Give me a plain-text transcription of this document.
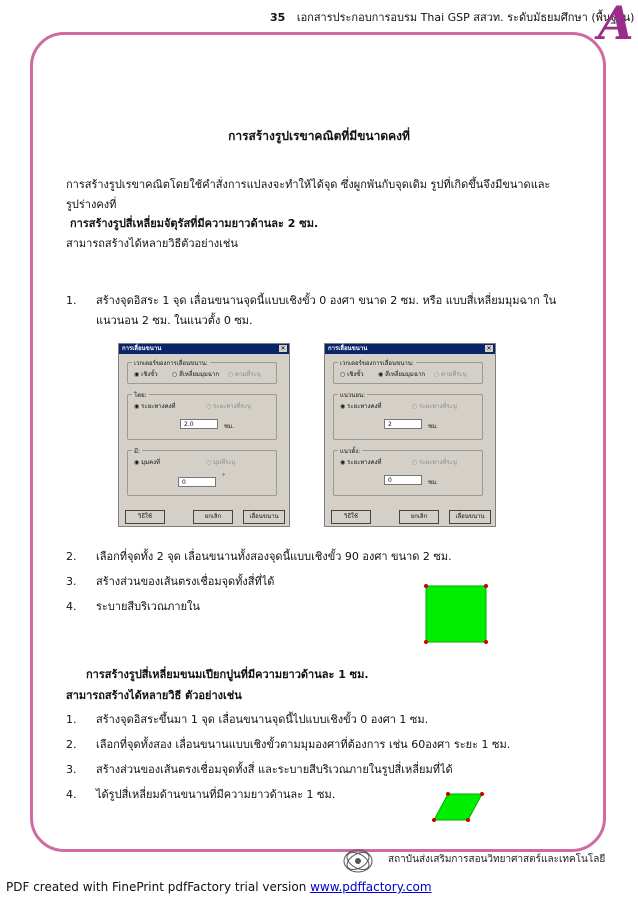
35 เอกสารประกอบการอบรม Thai GSP สสวท. ระดับมัธยมศึกษา (พื้นฐาน)
A
การสร้างรูปเรขาคณิตที่มีขนาดคงที่
การสร้างรูปเรขาคณิตโดยใช้คำสั่งการแปลงจะทำให้ได้จุด ซึ่งผูกพันกับจุดเดิม รูปที่เกิดขึ้นจึงมีขนาดและ
รูปร่างคงที่
การสร้างรูปสี่เหลี่ยมจัตุรัสที่มีความยาวด้านละ 2 ซม.
สามารถสร้างได้หลายวิธีตัวอย่างเช่น
1. สร้างจุดอิสระ 1 จุด เลื่อนขนานจุดนี้แบบเชิงขั้ว 0 องศา ขนาด 2 ซม. หรือ แบบสี่เหลี่ยมมุมฉาก ใน
แนวนอน 2 ซม. ในแนวตั้ง 0 ซม.
การเลื่อนขนาน	✕
เวกเตอร์ของการเลื่อนขนาน:
◉ เชิงขั้ว ○ สี่เหลี่ยมมุมฉาก ○ ตามที่ระบุ
โดย:
◉ ระยะทางคงที่	○ ระยะทางที่ระบุ
2.0	ซม.
มี:
◉ มุมคงที่	○ มุมที่ระบุ
0
°
วิธีใช้	ยกเลิก	เลื่อนขนาน
การเลื่อนขนาน	✕
เวกเตอร์ของการเลื่อนขนาน:
○ เชิงขั้ว ◉ สี่เหลี่ยมมุมฉาก ○ ตามที่ระบุ
แนวนอน:
◉ ระยะทางคงที่	○ ระยะทางที่ระบุ
2	ซม.
แนวตั้ง:
◉ ระยะทางคงที่	○ ระยะทางที่ระบุ
0	ซม.
วิธีใช้	ยกเลิก	เลื่อนขนาน
2. เลือกที่จุดทั้ง 2 จุด เลื่อนขนานทั้งสองจุดนี้แบบเชิงขั้ว 90 องศา ขนาด 2 ซม.
3. สร้างส่วนของเส้นตรงเชื่อมจุดทั้งสี่ที่ได้
4. ระบายสีบริเวณภายใน
การสร้างรูปสี่เหลี่ยมขนมเปียกปูนที่มีความยาวด้านละ 1 ซม.
สามารถสร้างได้หลายวิธี ตัวอย่างเช่น
1. สร้างจุดอิสระขึ้นมา 1 จุด เลื่อนขนานจุดนี้ไปแบบเชิงขั้ว 0 องศา 1 ซม.
2. เลือกที่จุดทั้งสอง เลื่อนขนานแบบเชิงขั้วตามมุมองศาที่ต้องการ เช่น 60องศา ระยะ 1 ซม.
3. สร้างส่วนของเส้นตรงเชื่อมจุดทั้งสี่ และระบายสีบริเวณภายในรูปสี่เหลี่ยมที่ได้
4. ได้รูปสี่เหลี่ยมด้านขนานที่มีความยาวด้านละ 1 ซม.
สถาบันส่งเสริมการสอนวิทยาศาสตร์และเทคโนโลยี
PDF created with FinePrint pdfFactory trial version www.pdffactory.com
